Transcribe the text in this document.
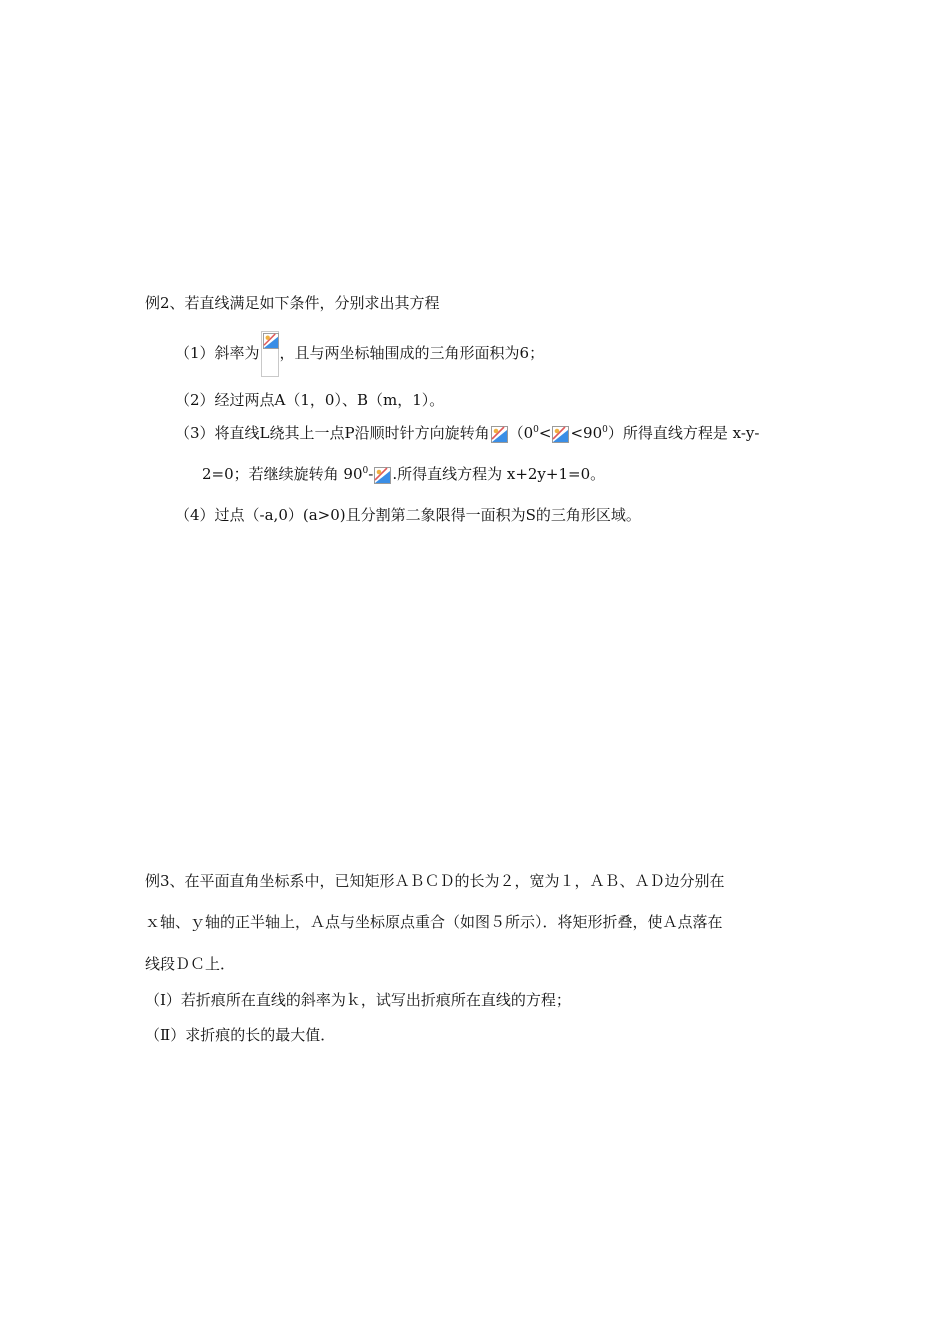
例2、若直线满足如下条件，分别求出其方程
（1）斜率为 ，且与两坐标轴围成的三角形面积为6；
（2）经过两点A（1，0）、B（m，1）。
（3）将直线L绕其上一点P沿顺时针方向旋转角 $(0^0< <90^0)$所得直线方程是 x-y-
2=0；若继续旋转角 $90^0-$ .所得直线方程为 x+2y+1=0。
（4）过点（-a,0）(a>0)且分割第二象限得一面积为S的三角形区域。
例3、在平面直角坐标系中，已知矩形ＡＢＣＤ的长为２，宽为１，ＡＢ、ＡＤ边分别在
ｘ轴、ｙ轴的正半轴上，Ａ点与坐标原点重合（如图５所示）．将矩形折叠，使Ａ点落在
线段ＤＣ上．
（Ⅰ）若折痕所在直线的斜率为ｋ，试写出折痕所在直线的方程；
（Ⅱ）求折痕的长的最大值．
